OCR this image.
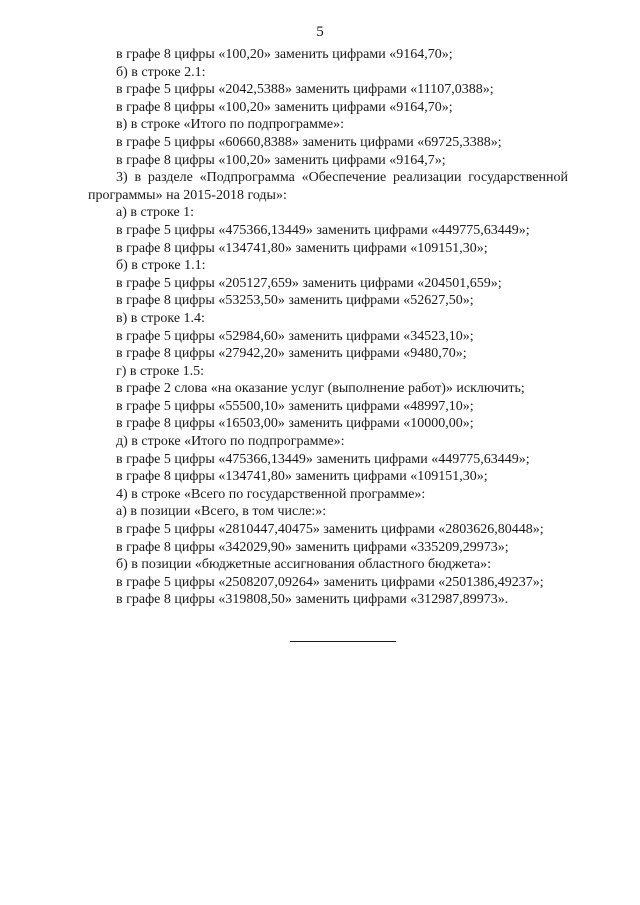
5
в графе 8 цифры «100,20» заменить цифрами «9164,70»;
б) в строке 2.1:
в графе 5 цифры «2042,5388» заменить цифрами «11107,0388»;
в графе 8 цифры «100,20» заменить цифрами «9164,70»;
в) в строке «Итого по подпрограмме»:
в графе 5 цифры «60660,8388» заменить цифрами «69725,3388»;
в графе 8 цифры «100,20» заменить цифрами «9164,7»;
3) в разделе «Подпрограмма «Обеспечение реализации государственной программы» на 2015-2018 годы»:
а) в строке 1:
в графе 5 цифры «475366,13449» заменить цифрами «449775,63449»;
в графе 8 цифры «134741,80» заменить цифрами «109151,30»;
б) в строке 1.1:
в графе 5 цифры «205127,659» заменить цифрами «204501,659»;
в графе 8 цифры «53253,50» заменить цифрами «52627,50»;
в) в строке 1.4:
в графе 5 цифры «52984,60» заменить цифрами «34523,10»;
в графе 8 цифры «27942,20» заменить цифрами «9480,70»;
г) в строке 1.5:
в графе 2 слова «на оказание услуг (выполнение работ)» исключить;
в графе 5 цифры «55500,10» заменить цифрами «48997,10»;
в графе 8 цифры «16503,00» заменить цифрами «10000,00»;
д) в строке «Итого по подпрограмме»:
в графе 5 цифры «475366,13449» заменить цифрами «449775,63449»;
в графе 8 цифры «134741,80» заменить цифрами «109151,30»;
4) в строке «Всего по государственной программе»:
а) в позиции «Всего, в том числе:»:
в графе 5 цифры «2810447,40475» заменить цифрами «2803626,80448»;
в графе 8 цифры «342029,90» заменить цифрами «335209,29973»;
б) в позиции «бюджетные ассигнования областного бюджета»:
в графе 5 цифры «2508207,09264» заменить цифрами «2501386,49237»;
в графе 8 цифры «319808,50» заменить цифрами «312987,89973».
